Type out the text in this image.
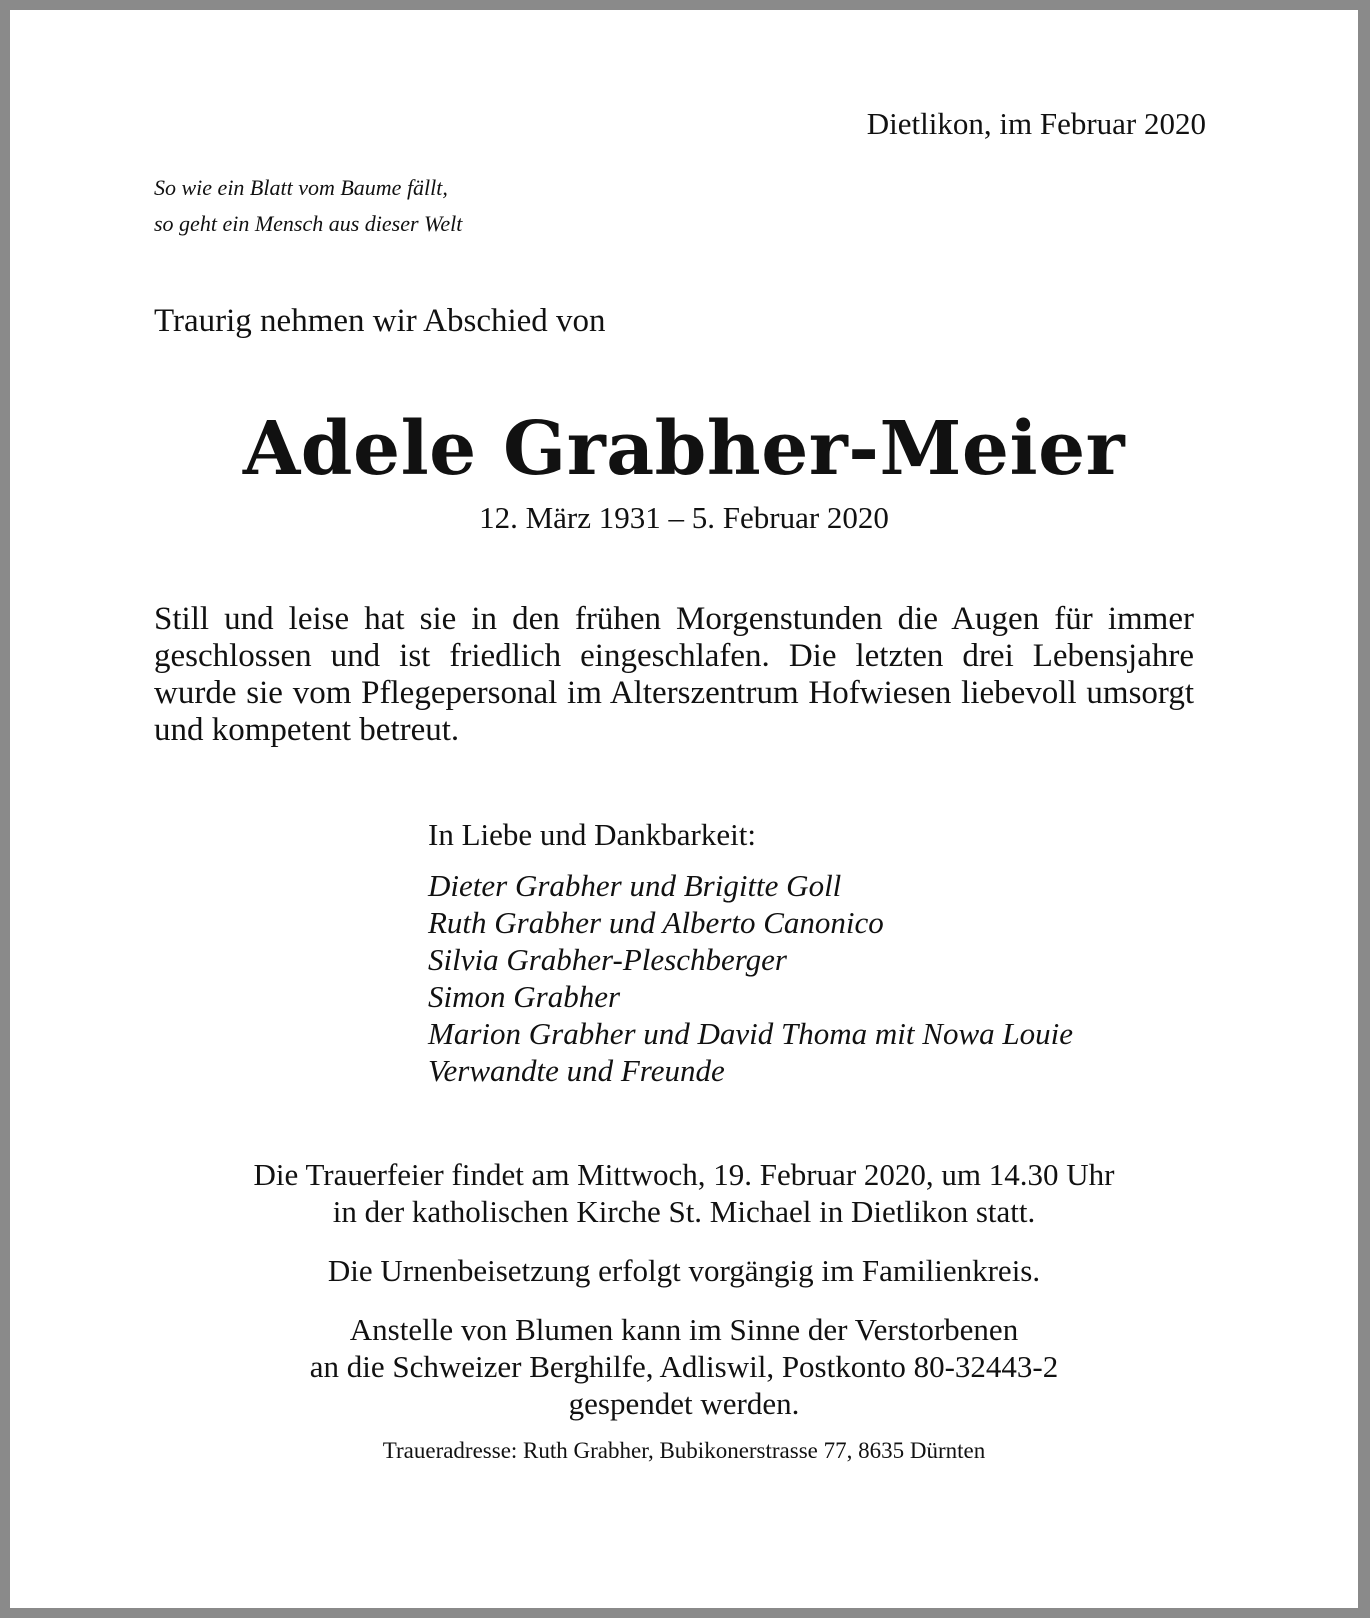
Dietlikon, im Februar 2020

So wie ein Blatt vom Baume fällt,
so geht ein Mensch aus dieser Welt

Traurig nehmen wir Abschied von

Adele Grabher-Meier

12. März 1931 – 5. Februar 2020

Still und leise hat sie in den frühen Morgenstunden die Augen für immer geschlossen und ist friedlich eingeschlafen. Die letzten drei Lebensjahre wurde sie vom Pflegepersonal im Alterszentrum Hofwiesen liebevoll umsorgt und kompetent betreut.

In Liebe und Dankbarkeit:

Dieter Grabher und Brigitte Goll
Ruth Grabher und Alberto Canonico
Silvia Grabher-Pleschberger
Simon Grabher
Marion Grabher und David Thoma mit Nowa Louie
Verwandte und Freunde
Die Trauerfeier findet am Mittwoch, 19. Februar 2020, um 14.30 Uhr
in der katholischen Kirche St. Michael in Dietlikon statt.
Die Urnenbeisetzung erfolgt vorgängig im Familienkreis.
Anstelle von Blumen kann im Sinne der Verstorbenen
an die Schweizer Berghilfe, Adliswil, Postkonto 80-32443-2
gespendet werden.

Traueradresse: Ruth Grabher, Bubikonerstrasse 77, 8635 Dürnten
